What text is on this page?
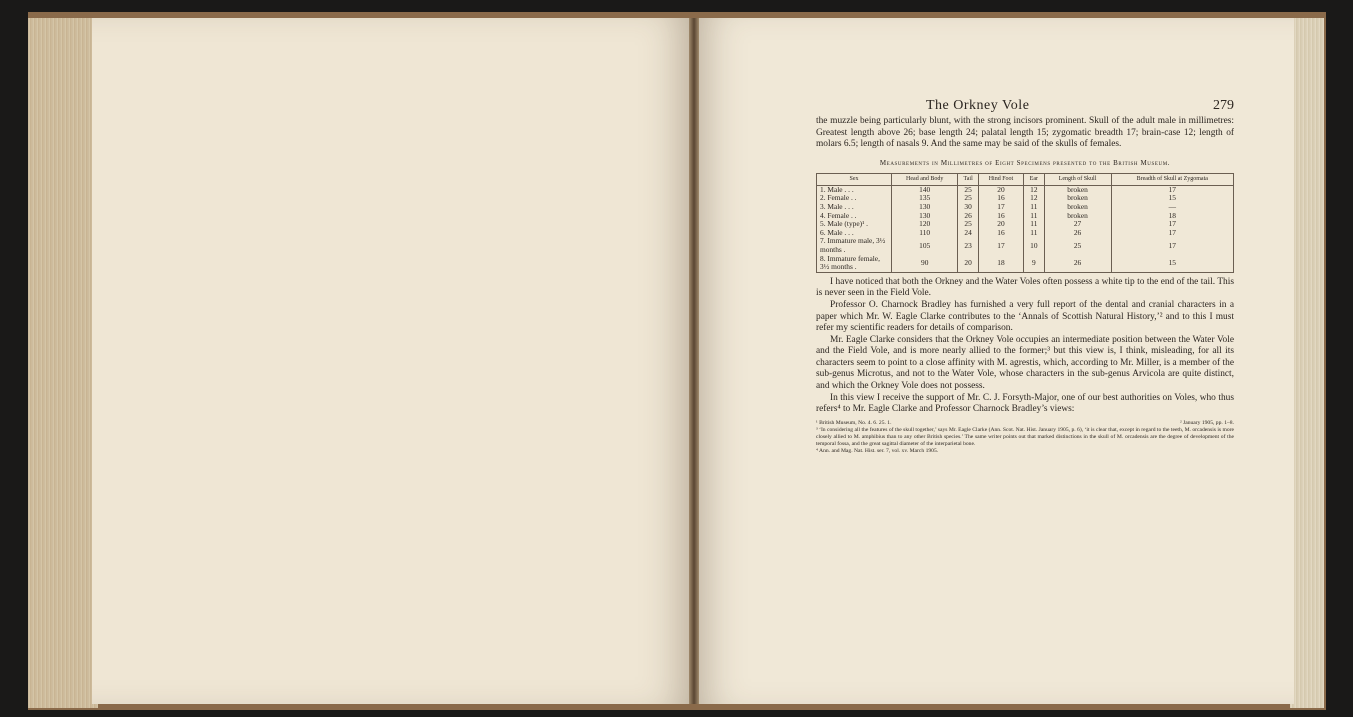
The Orkney Vole	279

the muzzle being particularly blunt, with the strong incisors prominent. Skull of the adult male in millimetres: Greatest length above 26; base length 24; palatal length 15; zygomatic breadth 17; brain-case 12; length of molars 6.5; length of nasals 9. And the same may be said of the skulls of females.

Measurements in Millimetres of Eight Specimens presented to the British Museum.
Sex	Head and Body	Tail	Hind Foot	Ear	Length of Skull	Breadth of Skull at Zygomata
1. Male . . .	140	25	20	12	broken	17
2. Female . .	135	25	16	12	broken	15
3. Male . . .	130	30	17	11	broken	—
4. Female . .	130	26	16	11	broken	18
5. Male (type)¹ .	120	25	20	11	27	17
6. Male . . .	110	24	16	11	26	17
7. Immature male, 3½ months .	105	23	17	10	25	17
8. Immature female, 3½ months .	90	20	18	9	26	15

I have noticed that both the Orkney and the Water Voles often possess a white tip to the end of the tail. This is never seen in the Field Vole.

Professor O. Charnock Bradley has furnished a very full report of the dental and cranial characters in a paper which Mr. W. Eagle Clarke contributes to the ‘Annals of Scottish Natural History,’² and to this I must refer my scientific readers for details of comparison.

Mr. Eagle Clarke considers that the Orkney Vole occupies an intermediate position between the Water Vole and the Field Vole, and is more nearly allied to the former;³ but this view is, I think, misleading, for all its characters seem to point to a close affinity with M. agrestis, which, according to Mr. Miller, is a member of the sub-genus Microtus, and not to the Water Vole, whose characters in the sub-genus Arvicola are quite distinct, and which the Orkney Vole does not possess.

In this view I receive the support of Mr. C. J. Forsyth-Major, one of our best authorities on Voles, who thus refers⁴ to Mr. Eagle Clarke and Professor Charnock Bradley’s views:

¹ British Museum, No. 4. 6. 25. 1.	² January 1905, pp. 1–8.
³ ‘In considering all the features of the skull together,’ says Mr. Eagle Clarke (Ann. Scot. Nat. Hist. January 1905, p. 6), ‘it is clear that, except in regard to the teeth, M. orcadensis is more closely allied to M. amphibius than to any other British species.’ The same writer points out that marked distinctions in the skull of M. orcadensis are the degree of development of the temporal fossa, and the great sagittal diameter of the interparietal bone.
⁴ Ann. and Mag. Nat. Hist. ser. 7, vol. xv. March 1905.
